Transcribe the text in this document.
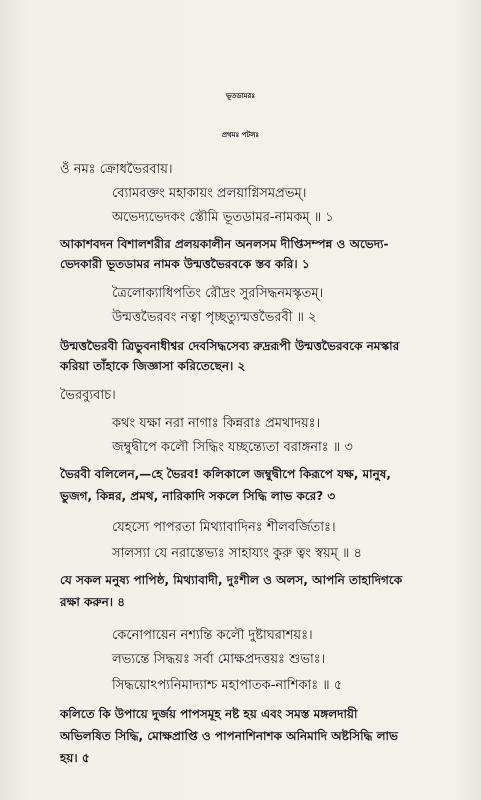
ভূতডামরঃ
প্রথমঃ পটলঃ

ওঁ নমঃ ক্রোধভৈরবায়।

ব্যোমবক্তং মহাকায়ং প্রলয়াগ্নিসমপ্রভম্।

অভেদ্যভেদকং স্তৌমি ভূতডামর-নামকম্ ॥ ১

আকাশবদন বিশালশরীর প্রলয়কালীন অনলসম দীপ্তিসম্পন্ন ও অভেদ্য-

ভেদকারী ভূতডামর নামক উন্মত্তভৈরবকে স্তব করি। ১

ত্রৈলোক্যাধিপতিং রৌদ্রং সুরসিদ্ধনমস্কৃতম্।

উন্মত্তভৈরবং নত্বা পৃচ্ছত্যুন্মত্তভৈরবী ॥ ২

উন্মত্তভৈরবী ত্রিভুবনাধীশ্বর দেবসিদ্ধসেব্য রুদ্ররূপী উন্মত্তভৈরবকে নমস্কার

করিয়া তাঁহাকে জিজ্ঞাসা করিতেছেন। ২

ভৈরব্যুবাচ।

কথং যক্ষা নরা নাগাঃ কিন্নরাঃ প্রমথাদয়ঃ।

জম্বুদ্বীপে কলৌ সিদ্ধিং যচ্ছন্ত্যেতা বরাঙ্গনাঃ ॥ ৩

ভৈরবী বলিলেন,—হে ভৈরব! কলিকালে জম্বুদ্বীপে কিরূপে যক্ষ, মানুষ,

ভুজগ, কিন্নর, প্রমথ, নারিকাদি সকলে সিদ্ধি লাভ করে? ৩

যেহস্যে পাপরতা মিথ্যাবাদিনঃ শীলবর্জিতাঃ।

সালস্যা যে নরাস্তেভ্যঃ সাহায্যং কুরু ত্বং স্বয়ম্ ॥ ৪

যে সকল মনুষ্য পাপিষ্ঠ, মিথ্যাবাদী, দুঃশীল ও অলস, আপনি তাহাদিগকে

রক্ষা করুন। ৪

কেনোপায়েন নশ্যন্তি কলৌ দুষ্টাঘরাশয়ঃ।

লভ্যন্তে সিদ্ধয়ঃ সর্বা মোক্ষপ্রদত্তয়ঃ শুভাঃ।

সিদ্ধয়োঽপ্যনিমাদ্যাশ্চ মহাপাতক-নাশিকাঃ ॥ ৫

কলিতে কি উপায়ে দুর্জয় পাপসমূহ নষ্ট হয় এবং সমস্ত মঙ্গলদায়ী

অভিলষিত সিদ্ধি, মোক্ষপ্রাপ্তি ও পাপনাশিনাশক অনিমাদি অষ্টসিদ্ধি লাভ

হয়। ৫
